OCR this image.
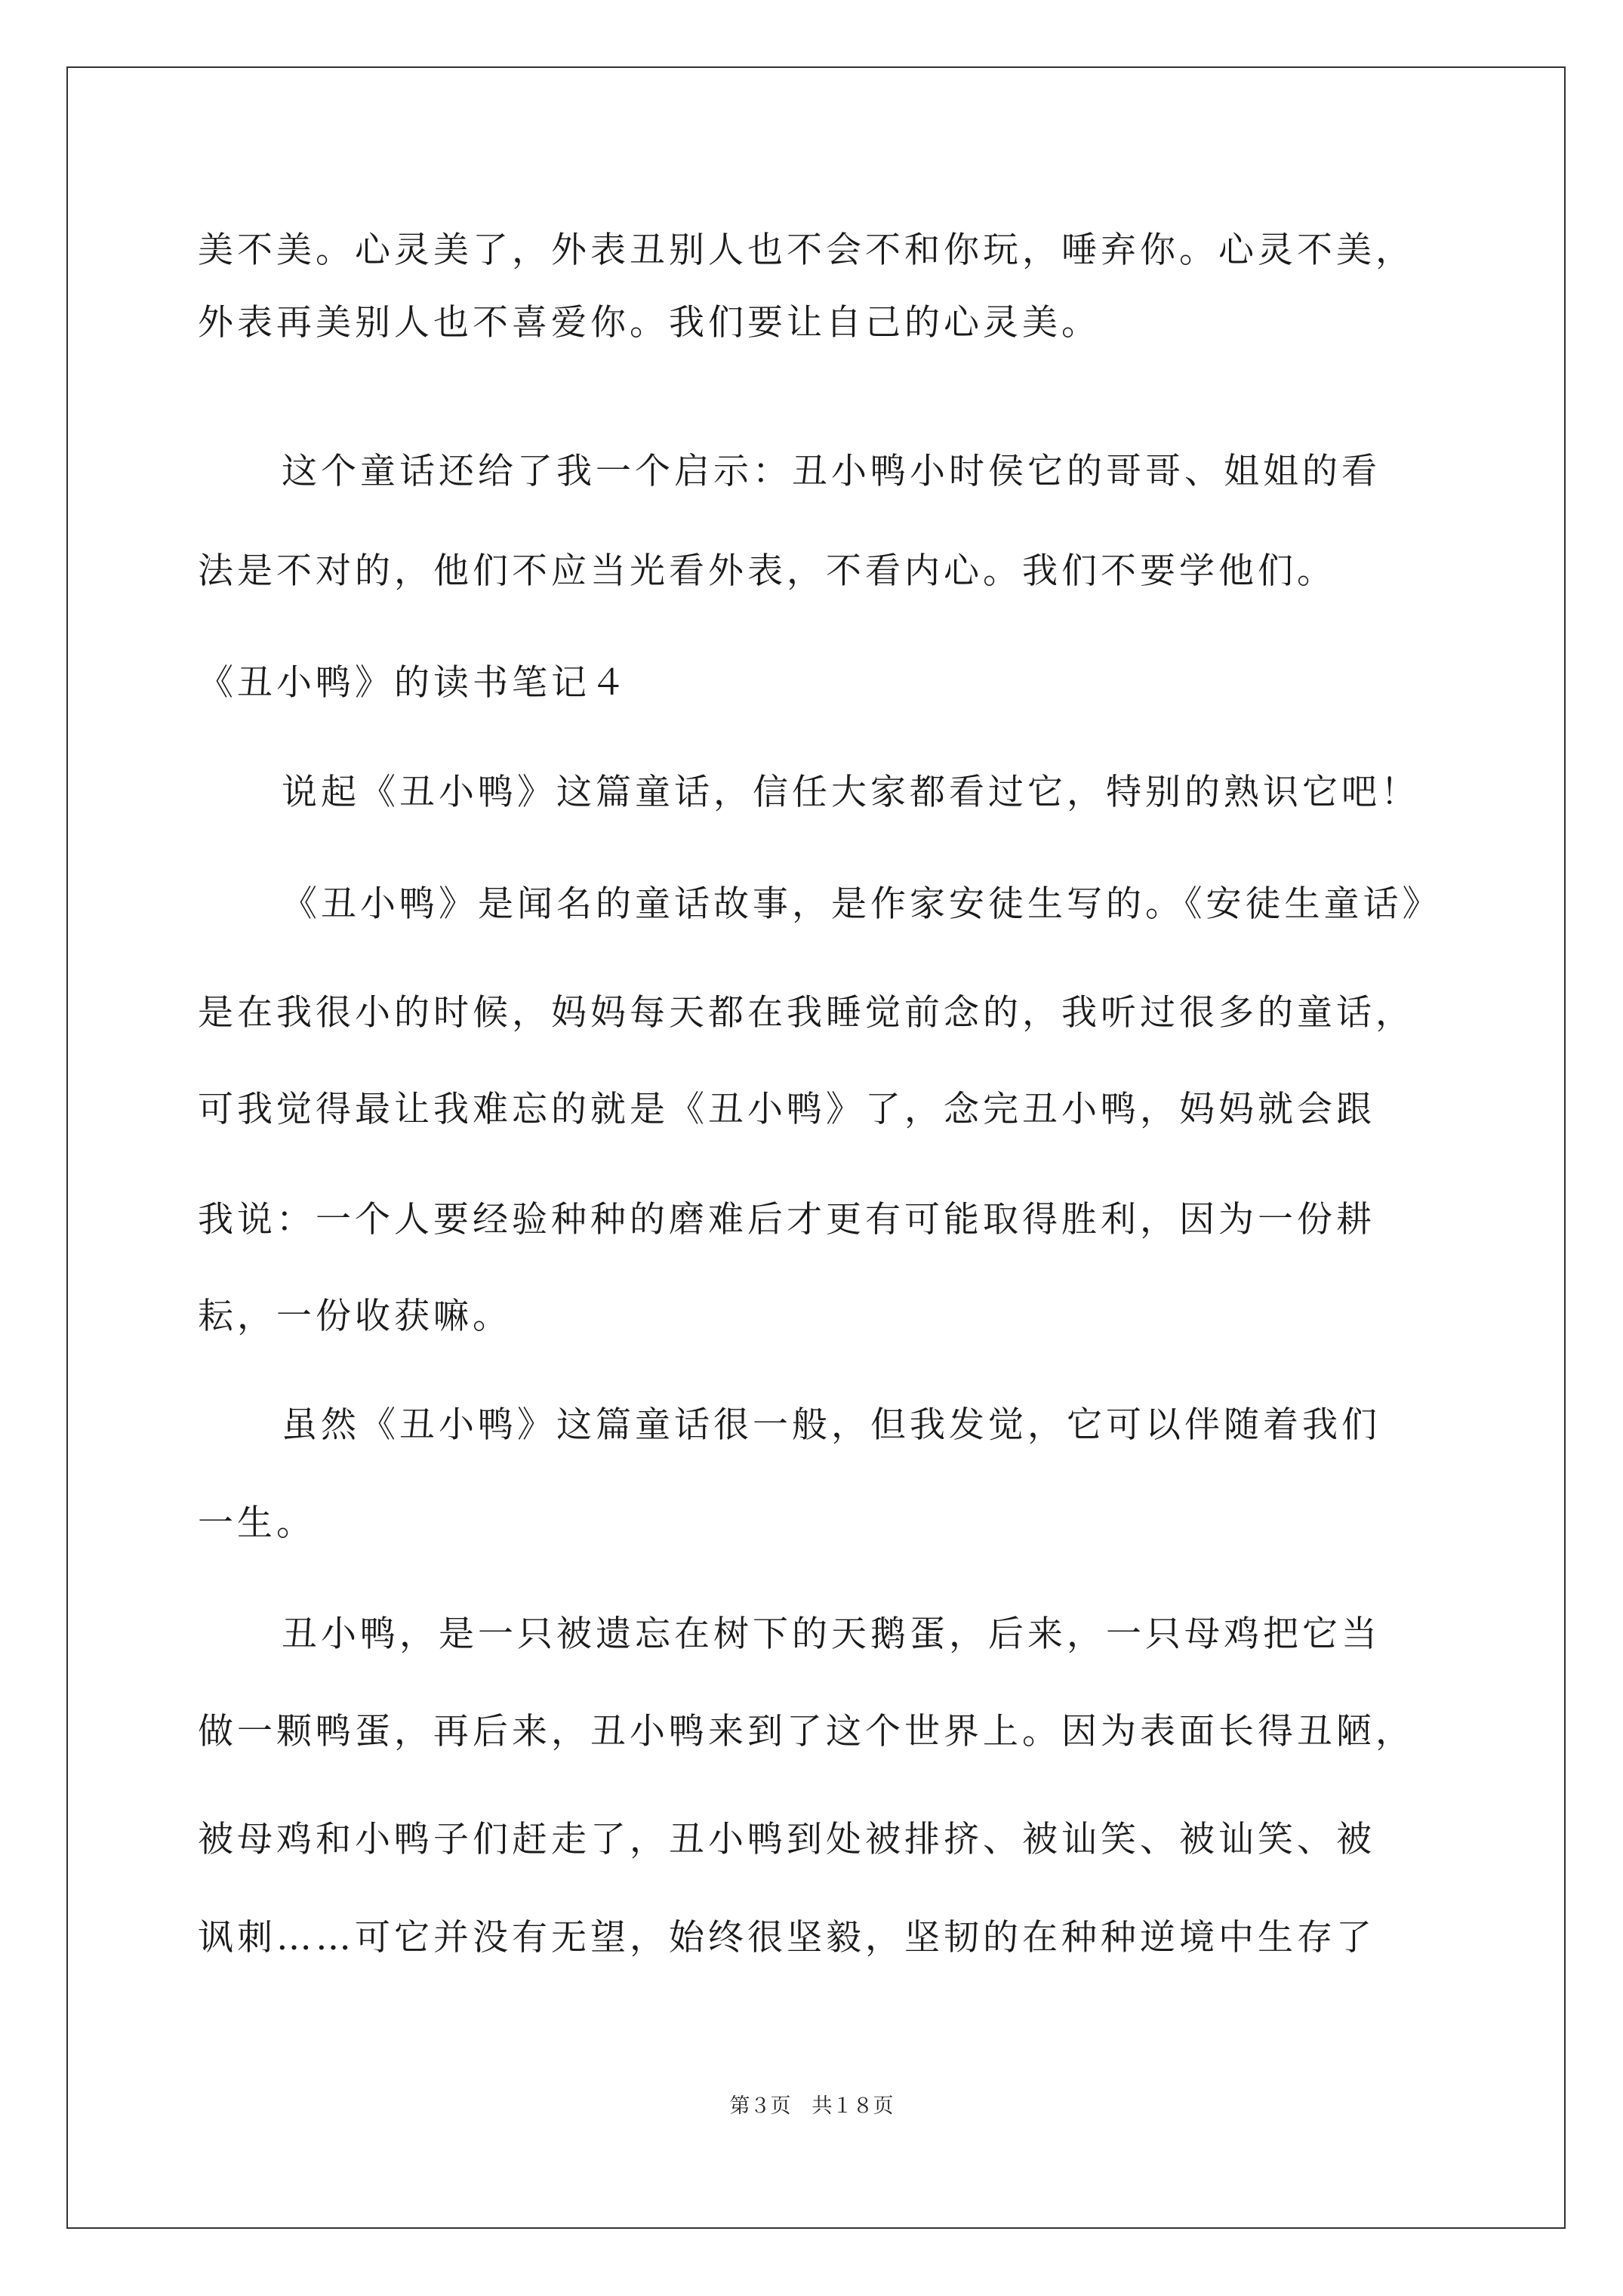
美不美。心灵美了，外表丑别人也不会不和你玩，唾弃你。心灵不美，
外表再美别人也不喜爱你。我们要让自己的心灵美。
这个童话还给了我一个启示：丑小鸭小时侯它的哥哥、姐姐的看
法是不对的，他们不应当光看外表，不看内心。我们不要学他们。
《丑小鸭》的读书笔记４
说起《丑小鸭》这篇童话，信任大家都看过它，特别的熟识它吧！
《丑小鸭》是闻名的童话故事，是作家安徒生写的。《安徒生童话》
是在我很小的时候，妈妈每天都在我睡觉前念的，我听过很多的童话，
可我觉得最让我难忘的就是《丑小鸭》了，念完丑小鸭，妈妈就会跟
我说：一个人要经验种种的磨难后才更有可能取得胜利，因为一份耕
耘，一份收获嘛。
虽然《丑小鸭》这篇童话很一般，但我发觉，它可以伴随着我们
一生。
丑小鸭，是一只被遗忘在树下的天鹅蛋，后来，一只母鸡把它当
做一颗鸭蛋，再后来，丑小鸭来到了这个世界上。因为表面长得丑陋，
被母鸡和小鸭子们赶走了，丑小鸭到处被排挤、被讪笑、被讪笑、被
讽刺……可它并没有无望，始终很坚毅，坚韧的在种种逆境中生存了
第３页 共１８页
